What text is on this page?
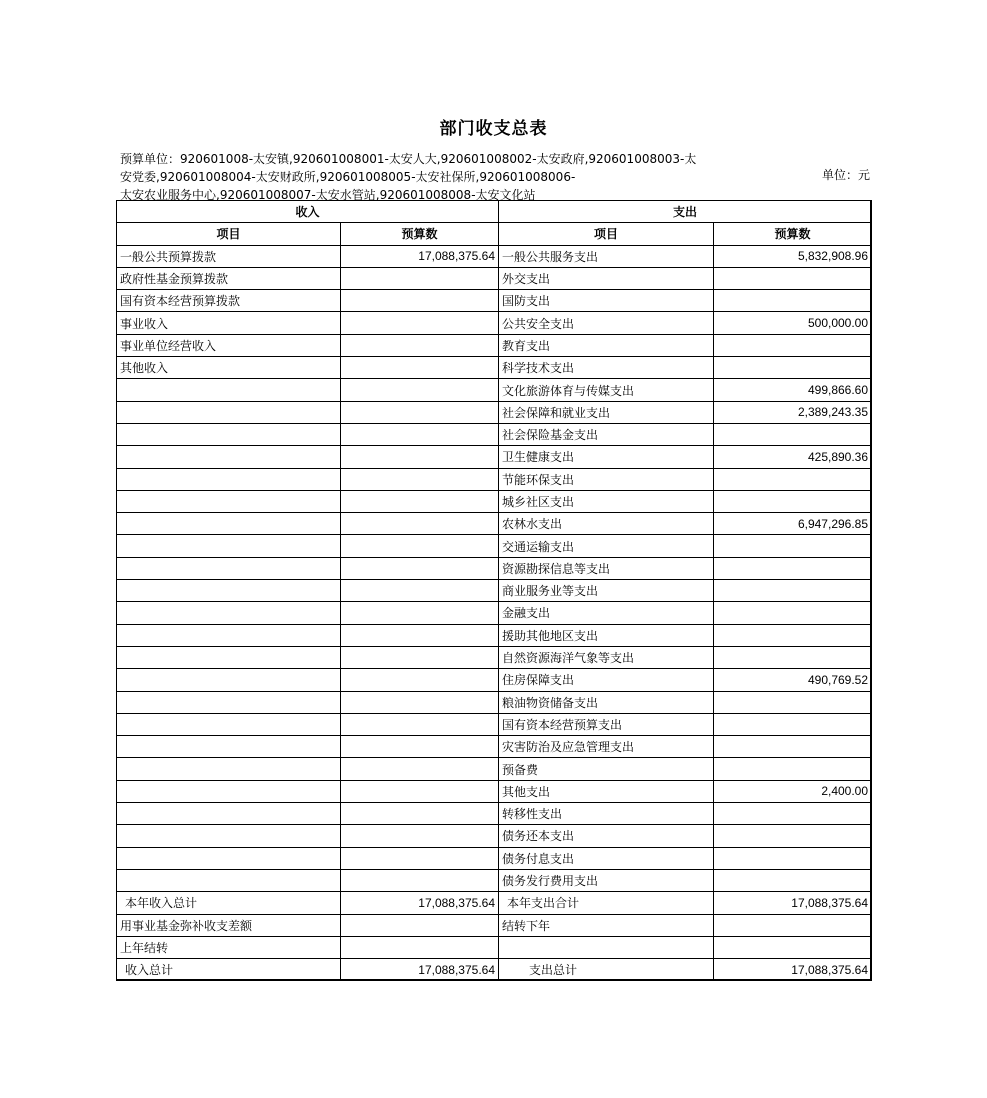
部门收支总表
预算单位：920601008-太安镇,920601008001-太安人大,920601008002-太安政府,920601008003-太
安党委,920601008004-太安财政所,920601008005-太安社保所,920601008006-
太安农业服务中心,920601008007-太安水管站,920601008008-太安文化站
单位：元
收入		支出	
项目	预算数	项目	预算数
一般公共预算拨款	17,088,375.64	一般公共服务支出	5,832,908.96
政府性基金预算拨款		外交支出	
国有资本经营预算拨款		国防支出	
事业收入		公共安全支出	500,000.00
事业单位经营收入		教育支出	
其他收入		科学技术支出	
		文化旅游体育与传媒支出	499,866.60
		社会保障和就业支出	2,389,243.35
		社会保险基金支出	
		卫生健康支出	425,890.36
		节能环保支出	
		城乡社区支出	
		农林水支出	6,947,296.85
		交通运输支出	
		资源勘探信息等支出	
		商业服务业等支出	
		金融支出	
		援助其他地区支出	
		自然资源海洋气象等支出	
		住房保障支出	490,769.52
		粮油物资储备支出	
		国有资本经营预算支出	
		灾害防治及应急管理支出	
		预备费	
		其他支出	2,400.00
		转移性支出	
		债务还本支出	
		债务付息支出	
		债务发行费用支出	
本年收入总计	17,088,375.64	本年支出合计	17,088,375.64
用事业基金弥补收支差额		结转下年	
上年结转			
收入总计	17,088,375.64	支出总计	17,088,375.64
